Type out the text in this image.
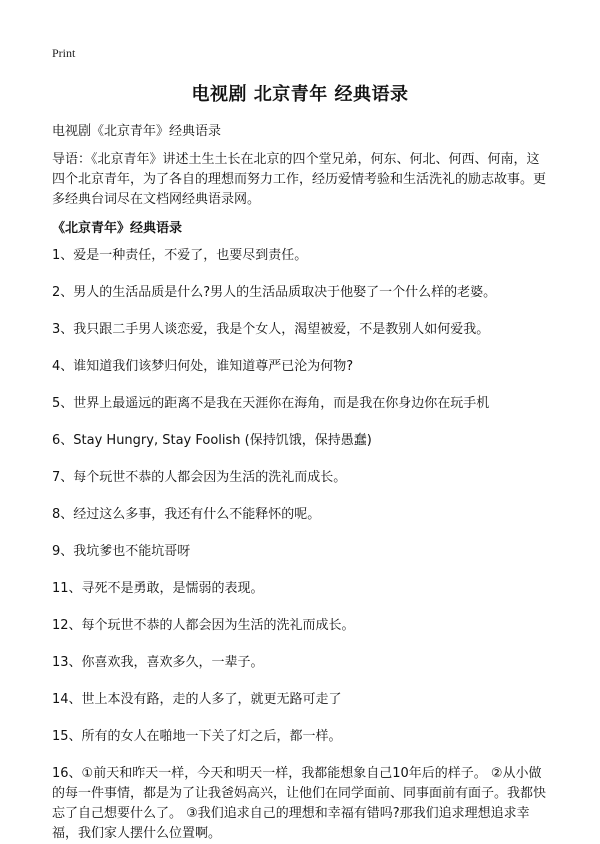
Print
电视剧 北京青年 经典语录
电视剧《北京青年》经典语录
导语：《北京青年》讲述土生土长在北京的四个堂兄弟，何东、何北、何西、何南，这四个北京青年，为了各自的理想而努力工作，经历爱情考验和生活洗礼的励志故事。更多经典台词尽在文档网经典语录网。
《北京青年》经典语录
1、爱是一种责任，不爱了，也要尽到责任。
2、男人的生活品质是什么?男人的生活品质取决于他娶了一个什么样的老婆。
3、我只跟二手男人谈恋爱，我是个女人，渴望被爱，不是教别人如何爱我。
4、谁知道我们该梦归何处，谁知道尊严已沦为何物?
5、世界上最遥远的距离不是我在天涯你在海角，而是我在你身边你在玩手机
6、Stay Hungry, Stay Foolish (保持饥饿，保持愚蠢)
7、每个玩世不恭的人都会因为生活的洗礼而成长。
8、经过这么多事，我还有什么不能释怀的呢。
9、我坑爹也不能坑哥呀
11、寻死不是勇敢，是懦弱的表现。
12、每个玩世不恭的人都会因为生活的洗礼而成长。
13、你喜欢我，喜欢多久，一辈子。
14、世上本没有路，走的人多了，就更无路可走了
15、所有的女人在啪地一下关了灯之后，都一样。
16、①前天和昨天一样，今天和明天一样，我都能想象自己10年后的样子。 ②从小做的每一件事情，都是为了让我爸妈高兴，让他们在同学面前、同事面前有面子。我都快忘了自己想要什么了。 ③我们追求自己的理想和幸福有错吗?那我们追求理想追求幸福，我们家人摆什么位置啊。
